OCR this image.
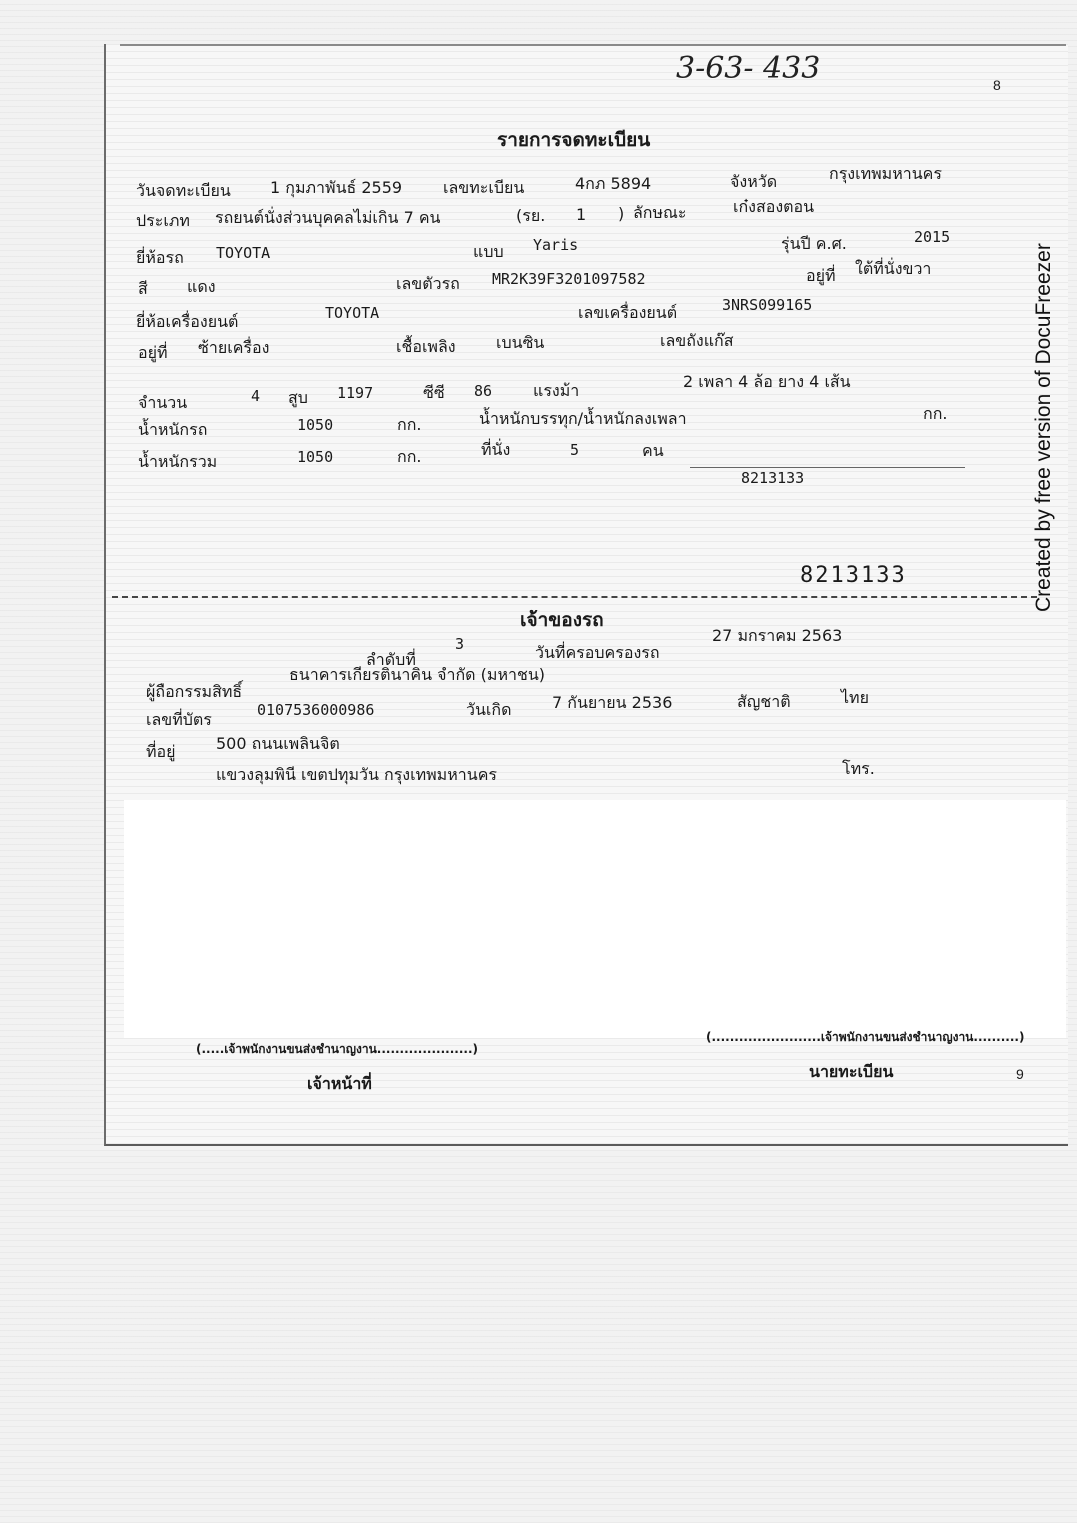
3-63- 433	8
รายการจดทะเบียน
วันจดทะเบียน 1 กุมภาพันธ์ 2559	เลขทะเบียน	4กภ 5894	จังหวัด	กรุงเทพมหานคร
ประเภท รถยนต์นั่งส่วนบุคคลไม่เกิน 7 คน	(รย. 1 ) ลักษณะ	เก๋งสองตอน
ยี่ห้อรถ TOYOTA	แบบ Yaris	รุ่นปี ค.ศ.	2015
สี แดง	เลขตัวรถ MR2K39F3201097582	อยู่ที่ ใต้ที่นั่งขวา
ยี่ห้อเครื่องยนต์	TOYOTA	เลขเครื่องยนต์	3NRS099165
อยู่ที่ ซ้ายเครื่อง	เชื้อเพลิง	เบนซิน	เลขถังแก๊ส
จำนวน	4 สูบ 1197	ซีซี 86	แรงม้า	2 เพลา 4 ล้อ ยาง 4 เส้น
น้ำหนักรถ	1050	กก.	น้ำหนักบรรทุก/น้ำหนักลงเพลา	กก.
น้ำหนักรวม	1050	กก.	ที่นั่ง	5	คน
8213133
8213133
เจ้าของรถ
ลำดับที่
3	วันที่ครอบครองรถ
27 มกราคม 2563
ผู้ถือกรรมสิทธิ์
ธนาคารเกียรตินาคิน จำกัด (มหาชน)
เลขที่บัตร	0107536000986	วันเกิด	7 กันยายน 2536	สัญชาติ	ไทย
ที่อยู่	500 ถนนเพลินจิต
แขวงลุมพินี เขตปทุมวัน กรุงเทพมหานคร	โทร.
(.....เจ้าพนักงานขนส่งชำนาญงาน.....................)
เจ้าหน้าที่
(........................เจ้าพนักงานขนส่งชำนาญงาน..........)
นายทะเบียน	9
Created by free version of DocuFreezer
